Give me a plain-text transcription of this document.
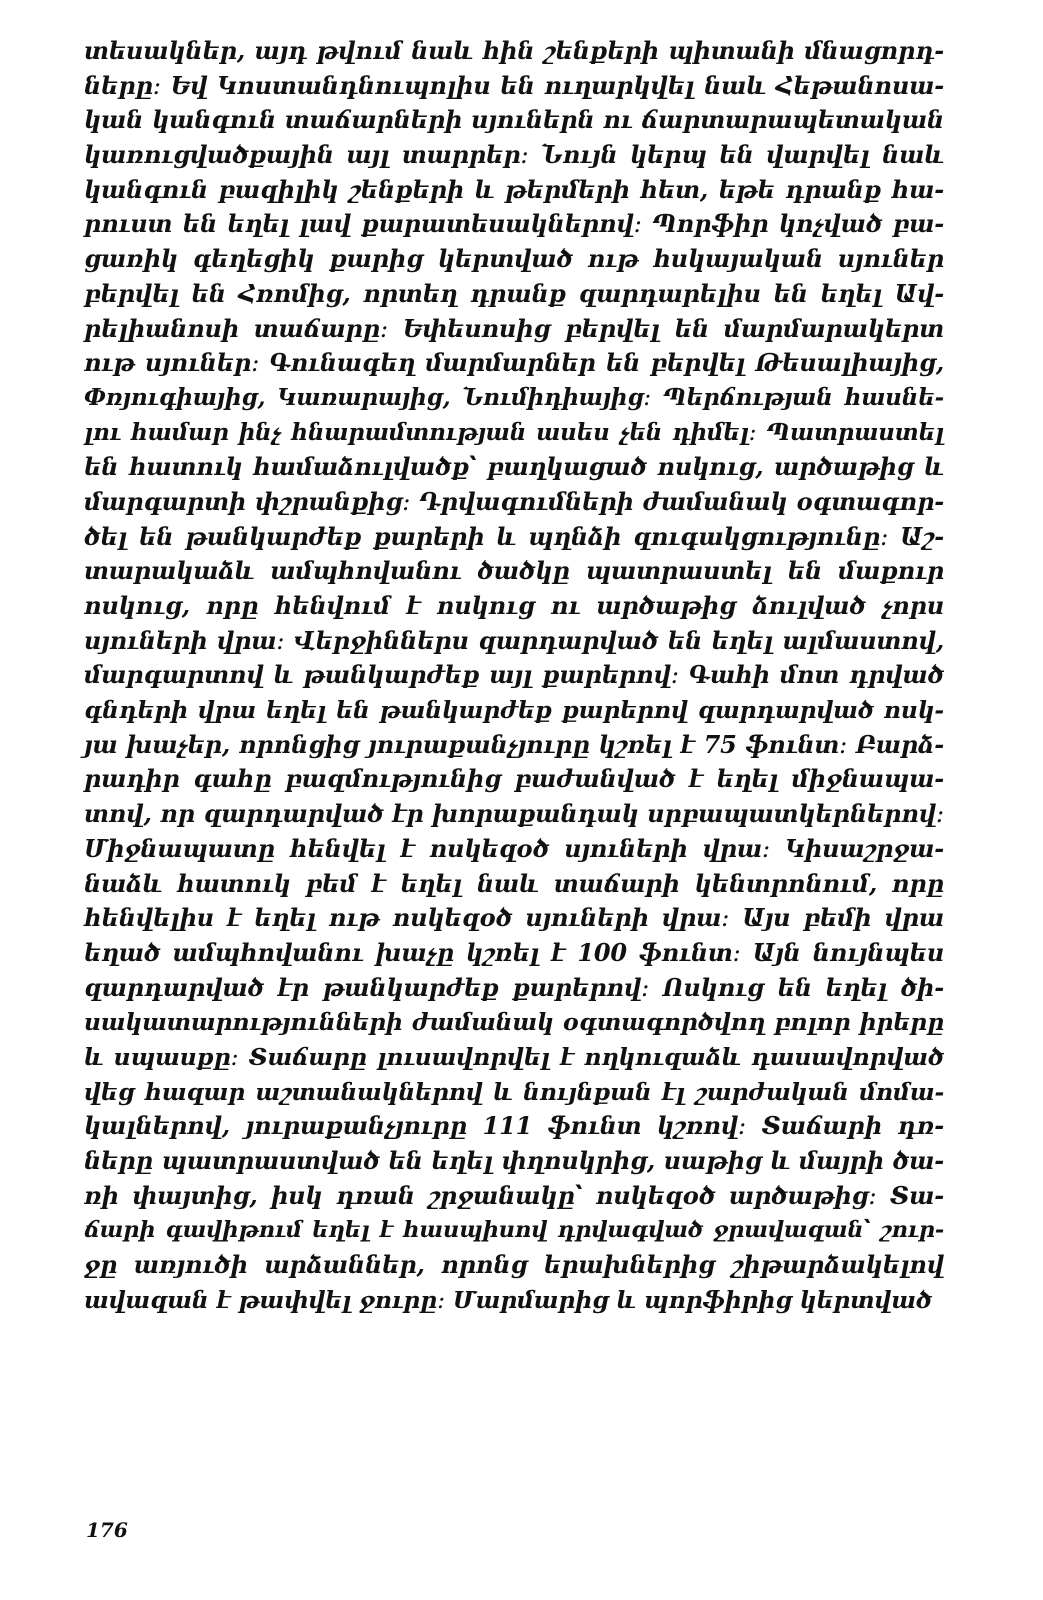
տեսակներ, այդ թվում նաև հին շենքերի պիտանի մնացորդ-
ները։ Եվ Կոստանդնուպոլիս են ուղարկվել նաև Հեթանոսա-
կան կանգուն տաճարների սյուներն ու ճարտարապետական
կառուցվածքային այլ տարրեր։ Նույն կերպ են վարվել նաև
կանգուն բազիլիկ շենքերի և թերմերի հետ, եթե դրանք հա-
րուստ են եղել լավ քարատեսակներով։ Պորֆիր կոչված բա-
ցառիկ գեղեցիկ քարից կերտված ութ հսկայական սյուներ
բերվել են Հռոմից, որտեղ դրանք զարդարելիս են եղել Ավ-
րելիանոսի տաճարը։ Եփեսոսից բերվել են մարմարակերտ
ութ սյուներ։ Գունագեղ մարմարներ են բերվել Թեսալիայից,
Փռյուգիայից, Կառարայից, Նումիդիայից։ Պերճության հասնե-
լու համար ինչ հնարամտության ասես չեն դիմել։ Պատրաստել
են հատուկ համաձուլվածք՝ բաղկացած ոսկուց, արծաթից և
մարգարտի փշրանքից։ Դրվագումների ժամանակ օգտագոր-
ծել են թանկարժեք քարերի և պղնձի զուգակցությունը։ Աշ-
տարակաձև ամպհովանու ծածկը պատրաստել են մաքուր
ոսկուց, որը հենվում է ոսկուց ու արծաթից ձուլված չորս
սյուների վրա։ Վերջիններս զարդարված են եղել ալմաստով,
մարգարտով և թանկարժեք այլ քարերով։ Գահի մոտ դրված
գնդերի վրա եղել են թանկարժեք քարերով զարդարված ոսկ-
յա խաչեր, որոնցից յուրաքանչյուրը կշռել է 75 ֆունտ։ Բարձ-
րադիր գահը բազմությունից բաժանված է եղել միջնապա-
տով, որ զարդարված էր խորաքանդակ սրբապատկերներով։
Միջնապատը հենվել է ոսկեզօծ սյուների վրա։ Կիսաշրջա-
նաձև հատուկ բեմ է եղել նաև տաճարի կենտրոնում, որը
հենվելիս է եղել ութ ոսկեզօծ սյուների վրա։ Այս բեմի վրա
եղած ամպհովանու խաչը կշռել է 100 ֆունտ։ Այն նույնպես
զարդարված էր թանկարժեք քարերով։ Ոսկուց են եղել ծի-
սակատարությունների ժամանակ օգտագործվող բոլոր իրերը
և սպասքը։ Տաճարը լուսավորվել է ողկուզաձև դասավորված
վեց հազար աշտանակներով և նույնքան էլ շարժական մոմա-
կալներով, յուրաքանչյուրը 111 ֆունտ կշռով։ Տաճարի դռ-
ները պատրաստված են եղել փղոսկրից, սաթից և մայրի ծա-
ռի փայտից, իսկ դռան շրջանակը՝ ոսկեզօծ արծաթից։ Տա-
ճարի գավիթում եղել է հասպիսով դրվագված ջրավազան՝ շուր-
ջը առյուծի արձաններ, որոնց երախներից շիթարձակելով
ավազան է թափվել ջուրը։ Մարմարից և պորֆիրից կերտված
176
